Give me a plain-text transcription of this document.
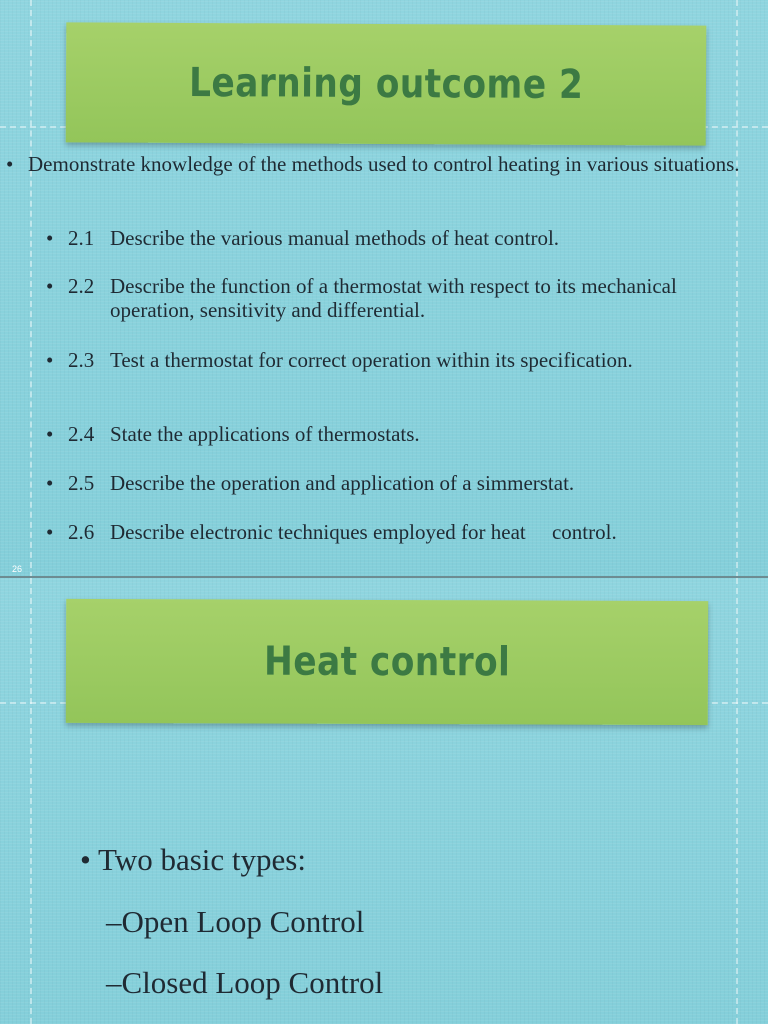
Learning outcome 2
• Demonstrate knowledge of the methods used to control heating in various situations.
• 2.1 Describe the various manual methods of heat control.
• 2.2 Describe the function of a thermostat with respect to its mechanical operation, sensitivity and differential.
• 2.3 Test a thermostat for correct operation within its specification.
• 2.4 State the applications of thermostats.
• 2.5 Describe the operation and application of a simmerstat.
• 2.6 Describe electronic techniques employed for heat     control.
26
Heat control
• Two basic types:
–Open Loop Control
–Closed Loop Control
